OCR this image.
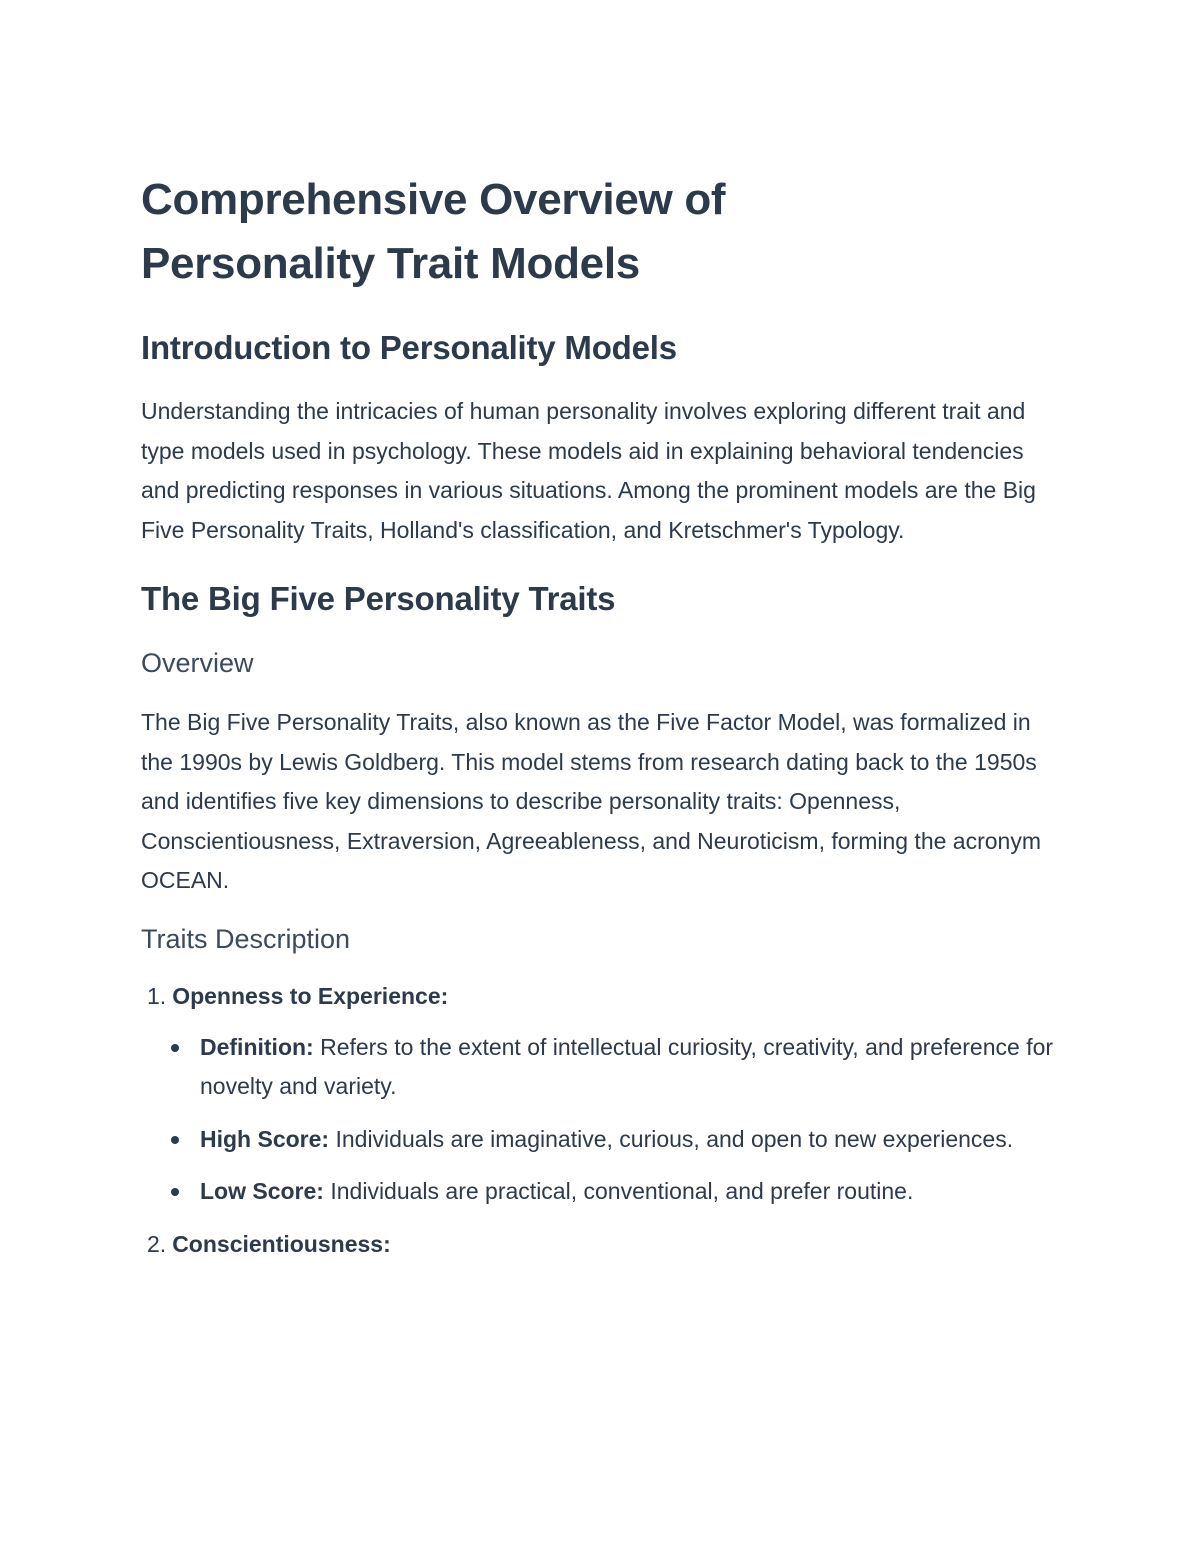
Comprehensive Overview of
Personality Trait Models
Introduction to Personality Models

Understanding the intricacies of human personality involves exploring different trait and type models used in psychology. These models aid in explaining behavioral tendencies and predicting responses in various situations. Among the prominent models are the Big Five Personality Traits, Holland's classification, and Kretschmer's Typology.

The Big Five Personality Traits
Overview

The Big Five Personality Traits, also known as the Five Factor Model, was formalized in the 1990s by Lewis Goldberg. This model stems from research dating back to the 1950s and identifies five key dimensions to describe personality traits: Openness, Conscientiousness, Extraversion, Agreeableness, and Neuroticism, forming the acronym OCEAN.

Traits Description
1. Openness to Experience:
Definition: Refers to the extent of intellectual curiosity, creativity, and preference for novelty and variety.
High Score: Individuals are imaginative, curious, and open to new experiences.
Low Score: Individuals are practical, conventional, and prefer routine.
2. Conscientiousness:
